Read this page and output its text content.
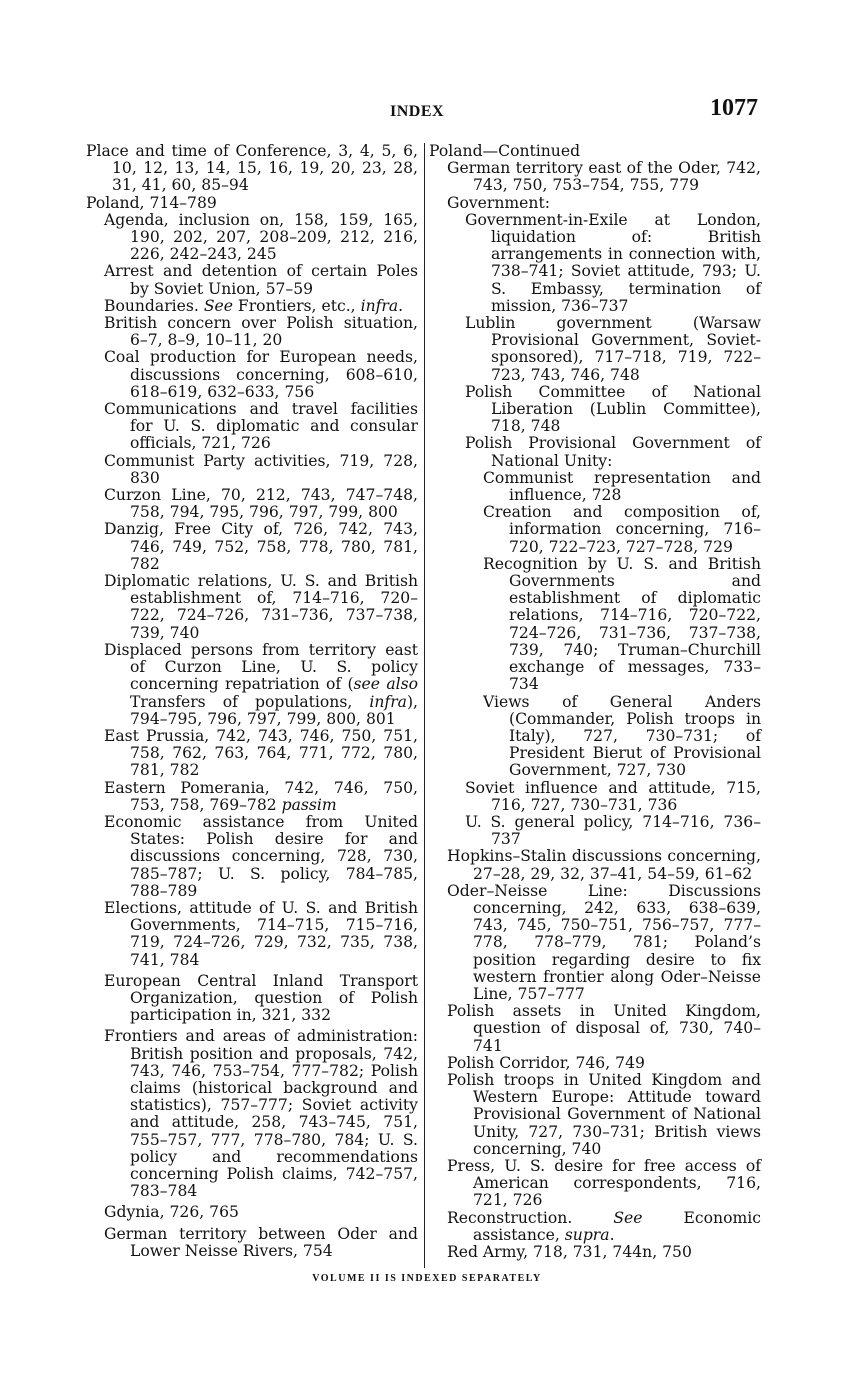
INDEX	1077

Place and time of Conference, 3, 4, 5, 6, 10, 12, 13, 14, 15, 16, 19, 20, 23, 28, 31, 41, 60, 85–94

Poland, 714–789

Agenda, inclusion on, 158, 159, 165, 190, 202, 207, 208–209, 212, 216, 226, 242–243, 245

Arrest and detention of certain Poles by Soviet Union, 57–59

Boundaries. See Frontiers, etc., infra.

British concern over Polish situation, 6–7, 8–9, 10–11, 20

Coal production for European needs, discussions concerning, 608–610, 618–619, 632–633, 756

Communications and travel facilities for U. S. diplomatic and consular officials, 721, 726

Communist Party activities, 719, 728, 830

Curzon Line, 70, 212, 743, 747–748, 758, 794, 795, 796, 797, 799, 800

Danzig, Free City of, 726, 742, 743, 746, 749, 752, 758, 778, 780, 781, 782

Diplomatic relations, U. S. and British establishment of, 714–716, 720–722, 724–726, 731–736, 737–738, 739, 740

Displaced persons from territory east of Curzon Line, U. S. policy concerning repatriation of (see also Transfers of populations, infra), 794–795, 796, 797, 799, 800, 801

East Prussia, 742, 743, 746, 750, 751, 758, 762, 763, 764, 771, 772, 780, 781, 782

Eastern Pomerania, 742, 746, 750, 753, 758, 769–782 passim

Economic assistance from United States: Polish desire for and discussions concerning, 728, 730, 785–787; U. S. policy, 784–785, 788–789

Elections, attitude of U. S. and British Governments, 714–715, 715–716, 719, 724–726, 729, 732, 735, 738, 741, 784

European Central Inland Transport Organization, question of Polish participation in, 321, 332

Frontiers and areas of administration: British position and proposals, 742, 743, 746, 753–754, 777–782; Polish claims (historical background and statistics), 757–777; Soviet activity and attitude, 258, 743–745, 751, 755–757, 777, 778–780, 784; U. S. policy and recommendations concerning Polish claims, 742–757, 783–784

Gdynia, 726, 765

German territory between Oder and Lower Neisse Rivers, 754

Poland—Continued

German territory east of the Oder, 742, 743, 750, 753–754, 755, 779

Government:

Government-in-Exile at London, liquidation of: British arrangements in connection with, 738–741; Soviet attitude, 793; U. S. Embassy, termination of mission, 736–737

Lublin government (Warsaw Provisional Government, Soviet-sponsored), 717–718, 719, 722–723, 743, 746, 748

Polish Committee of National Liberation (Lublin Committee), 718, 748

Polish Provisional Government of National Unity:

Communist representation and influence, 728

Creation and composition of, information concerning, 716–720, 722–723, 727–728, 729

Recognition by U. S. and British Governments and establishment of diplomatic relations, 714–716, 720–722, 724–726, 731–736, 737–738, 739, 740; Truman–Churchill exchange of messages, 733–734

Views of General Anders (Commander, Polish troops in Italy), 727, 730–731; of President Bierut of Provisional Government, 727, 730

Soviet influence and attitude, 715, 716, 727, 730–731, 736

U. S. general policy, 714–716, 736–737

Hopkins–Stalin discussions concerning, 27–28, 29, 32, 37–41, 54–59, 61–62

Oder–Neisse Line: Discussions concerning, 242, 633, 638–639, 743, 745, 750–751, 756–757, 777–778, 778–779, 781; Poland’s position regarding desire to fix western frontier along Oder–Neisse Line, 757–777

Polish assets in United Kingdom, question of disposal of, 730, 740–741

Polish Corridor, 746, 749

Polish troops in United Kingdom and Western Europe: Attitude toward Provisional Government of National Unity, 727, 730–731; British views concerning, 740

Press, U. S. desire for free access of American correspondents, 716, 721, 726

Reconstruction. See Economic assistance, supra.

Red Army, 718, 731, 744n, 750

VOLUME II IS INDEXED SEPARATELY
